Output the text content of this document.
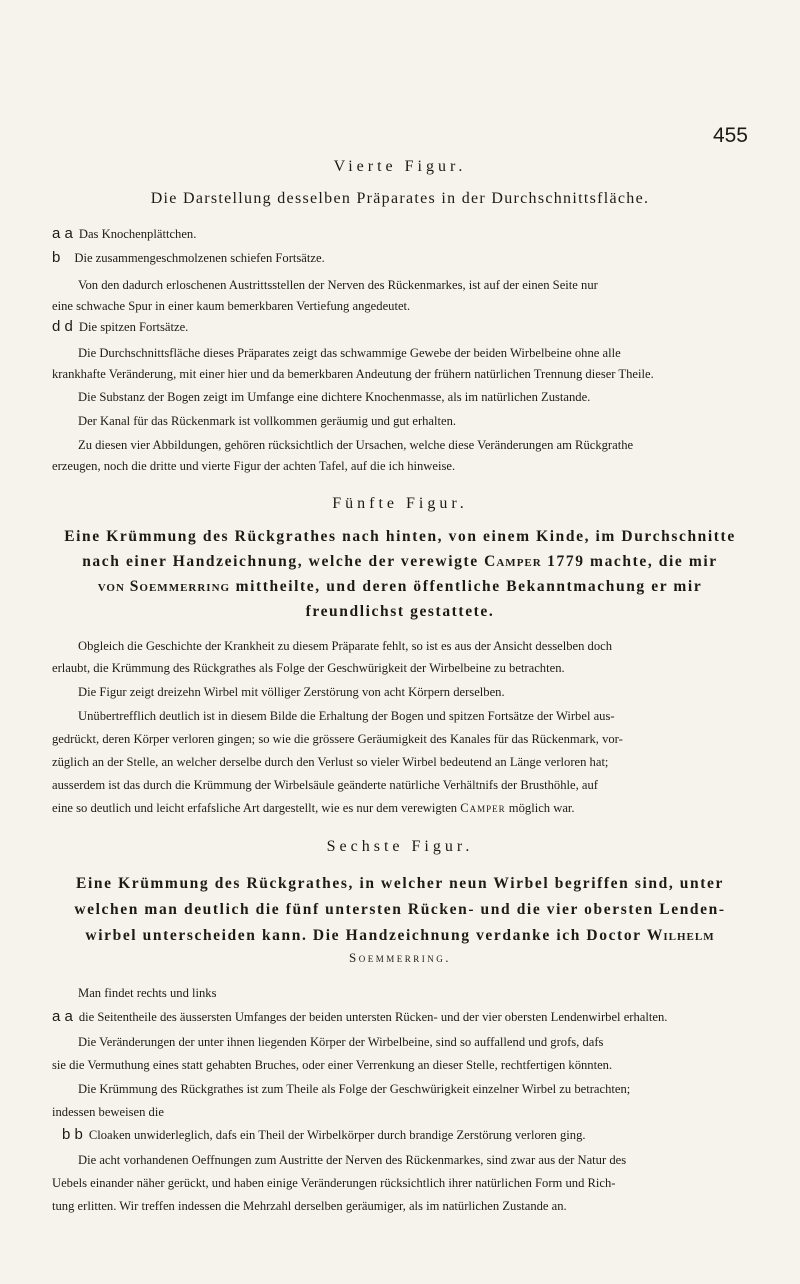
455
Vierte Figur.
Die Darstellung desselben Präparates in der Durchschnittsfläche.
a a Das Knochenplättchen.
b Die zusammengeschmolzenen schiefen Fortsätze.
Von den dadurch erloschenen Austrittsstellen der Nerven des Rückenmarkes, ist auf der einen Seite nur
eine schwache Spur in einer kaum bemerkbaren Vertiefung angedeutet.
d d Die spitzen Fortsätze.
Die Durchschnittsfläche dieses Präparates zeigt das schwammige Gewebe der beiden Wirbelbeine ohne alle
krankhafte Veränderung, mit einer hier und da bemerkbaren Andeutung der frühern natürlichen Trennung dieser Theile.
Die Substanz der Bogen zeigt im Umfange eine dichtere Knochenmasse, als im natürlichen Zustande.
Der Kanal für das Rückenmark ist vollkommen geräumig und gut erhalten.
Zu diesen vier Abbildungen, gehören rücksichtlich der Ursachen, welche diese Veränderungen am Rückgrathe
erzeugen, noch die dritte und vierte Figur der achten Tafel, auf die ich hinweise.
Fünfte Figur.
Eine Krümmung des Rückgrathes nach hinten, von einem Kinde, im Durchschnitte
nach einer Handzeichnung, welche der verewigte Camper 1779 machte, die mir
von Soemmerring mittheilte, und deren öffentliche Bekanntmachung er mir
freundlichst gestattete.
Obgleich die Geschichte der Krankheit zu diesem Präparate fehlt, so ist es aus der Ansicht desselben doch
erlaubt, die Krümmung des Rückgrathes als Folge der Geschwürigkeit der Wirbelbeine zu betrachten.
Die Figur zeigt dreizehn Wirbel mit völliger Zerstörung von acht Körpern derselben.
Unübertrefflich deutlich ist in diesem Bilde die Erhaltung der Bogen und spitzen Fortsätze der Wirbel aus-
gedrückt, deren Körper verloren gingen; so wie die grössere Geräumigkeit des Kanales für das Rückenmark, vor-
züglich an der Stelle, an welcher derselbe durch den Verlust so vieler Wirbel bedeutend an Länge verloren hat;
ausserdem ist das durch die Krümmung der Wirbelsäule geänderte natürliche Verhältnifs der Brusthöhle, auf
eine so deutlich und leicht erfafsliche Art dargestellt, wie es nur dem verewigten Camper möglich war.
Sechste Figur.
Eine Krümmung des Rückgrathes, in welcher neun Wirbel begriffen sind, unter
welchen man deutlich die fünf untersten Rücken- und die vier obersten Lenden-
wirbel unterscheiden kann. Die Handzeichnung verdanke ich Doctor Wilhelm
Soemmerring.
Man findet rechts und links
a a die Seitentheile des äussersten Umfanges der beiden untersten Rücken- und der vier obersten Lendenwirbel erhalten.
Die Veränderungen der unter ihnen liegenden Körper der Wirbelbeine, sind so auffallend und grofs, dafs
sie die Vermuthung eines statt gehabten Bruches, oder einer Verrenkung an dieser Stelle, rechtfertigen könnten.
Die Krümmung des Rückgrathes ist zum Theile als Folge der Geschwürigkeit einzelner Wirbel zu betrachten;
indessen beweisen die
b b Cloaken unwiderleglich, dafs ein Theil der Wirbelkörper durch brandige Zerstörung verloren ging.
Die acht vorhandenen Oeffnungen zum Austritte der Nerven des Rückenmarkes, sind zwar aus der Natur des
Uebels einander näher gerückt, und haben einige Veränderungen rücksichtlich ihrer natürlichen Form und Rich-
tung erlitten. Wir treffen indessen die Mehrzahl derselben geräumiger, als im natürlichen Zustande an.
